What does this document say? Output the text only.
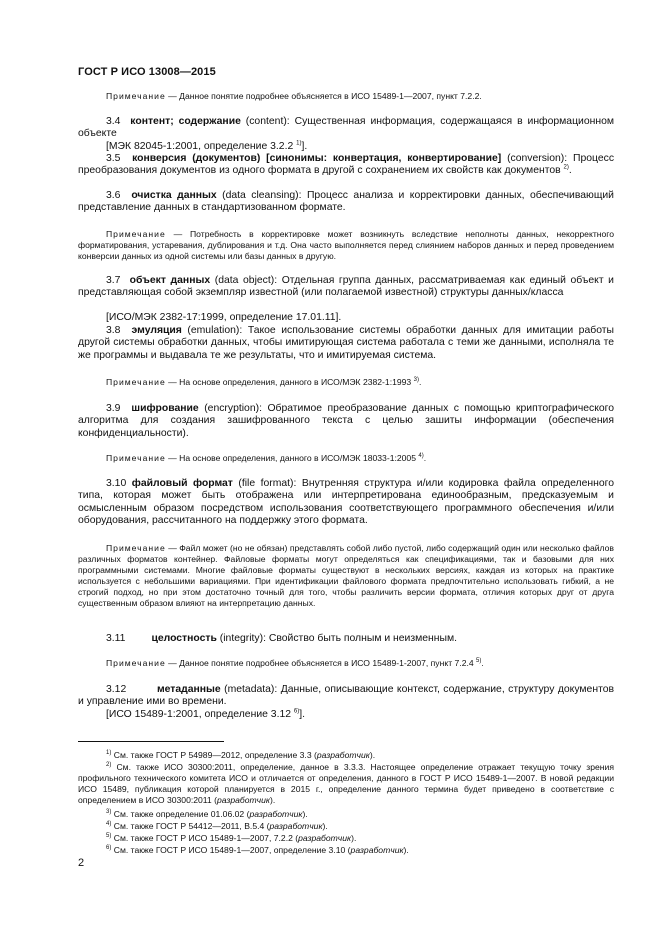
ГОСТ Р ИСО 13008—2015
Примечание — Данное понятие подробнее объясняется в ИСО 15489-1—2007, пункт 7.2.2.
3.4 контент; содержание (content): Существенная информация, содержащаяся в информационном объекте
[МЭК 82045-1:2001, определение 3.2.2 $^{1)}$].
3.5 конверсия (документов) [синонимы: конвертация, конвертирование] (conversion): Процесс преобразования документов из одного формата в другой с сохранением их свойств как документов $^{2)}$.
3.6 очистка данных (data cleansing): Процесс анализа и корректировки данных, обеспечивающий представление данных в стандартизованном формате.
Примечание — Потребность в корректировке может возникнуть вследствие неполноты данных, некорректного форматирования, устаревания, дублирования и т.д. Она часто выполняется перед слиянием наборов данных и перед проведением конверсии данных из одной системы или базы данных в другую.
3.7 объект данных (data object): Отдельная группа данных, рассматриваемая как единый объект и представляющая собой экземпляр известной (или полагаемой известной) структуры данных/класса
[ИСО/МЭК 2382-17:1999, определение 17.01.11].
3.8 эмуляция (emulation): Такое использование системы обработки данных для имитации работы другой системы обработки данных, чтобы имитирующая система работала с теми же данными, исполняла те же программы и выдавала те же результаты, что и имитируемая система.
Примечание — На основе определения, данного в ИСО/МЭК 2382-1:1993 $^{3)}$.
3.9 шифрование (encryption): Обратимое преобразование данных с помощью криптографического алгоритма для создания зашифрованного текста с целью зашиты информации (обеспечения конфиденциальности).
Примечание — На основе определения, данного в ИСО/МЭК 18033-1:2005 $^{4)}$.
3.10 файловый формат (file format): Внутренняя структура и/или кодировка файла определенного типа, которая может быть отображена или интерпретирована единообразным, предсказуемым и осмысленным образом посредством использования соответствующего программного обеспечения и/или оборудования, рассчитанного на поддержку этого формата.
Примечание — Файл может (но не обязан) представлять собой либо пустой, либо содержащий один или несколько файлов различных форматов контейнер. Файловые форматы могут определяться как спецификациями, так и базовыми для них программными системами. Многие файловые форматы существуют в нескольких версиях, каждая из которых на практике используется с небольшими вариациями. При идентификации файлового формата предпочтительно использовать гибкий, а не строгий подход, но при этом достаточно точный для того, чтобы различить версии формата, отличия которых друг от друга существенным образом влияют на интерпретацию данных.
3.11 целостность (integrity): Свойство быть полным и неизменным.
Примечание — Данное понятие подробнее объясняется в ИСО 15489-1-2007, пункт 7.2.4 $^{5)}$.
3.12	метаданные (metadata): Данные, описывающие контекст, содержание, структуру документов и управление ими во времени.
[ИСО 15489-1:2001, определение 3.12 $^{6)}$].
$^{1)}$ См. также ГОСТ Р 54989—2012, определение 3.3 (разработчик).
$^{2)}$ См. также ИСО 30300:2011, определение, данное в 3.3.3. Настоящее определение отражает текущую точку зрения профильного технического комитета ИСО и отличается от определения, данного в ГОСТ Р ИСО 15489-1—2007. В новой редакции ИСО 15489, публикация которой планируется в 2015 г., определение данного термина будет приведено в соответствие с определением в ИСО 30300:2011 (разработчик).
$^{3)}$ См. также определение 01.06.02 (разработчик).
$^{4)}$ См. также ГОСТ Р 54412—2011, В.5.4 (разработчик).
$^{5)}$ См. также ГОСТ Р ИСО 15489-1—2007, 7.2.2 (разработчик).
$^{6)}$ См. также ГОСТ Р ИСО 15489-1—2007, определение 3.10 (разработчик).
2
